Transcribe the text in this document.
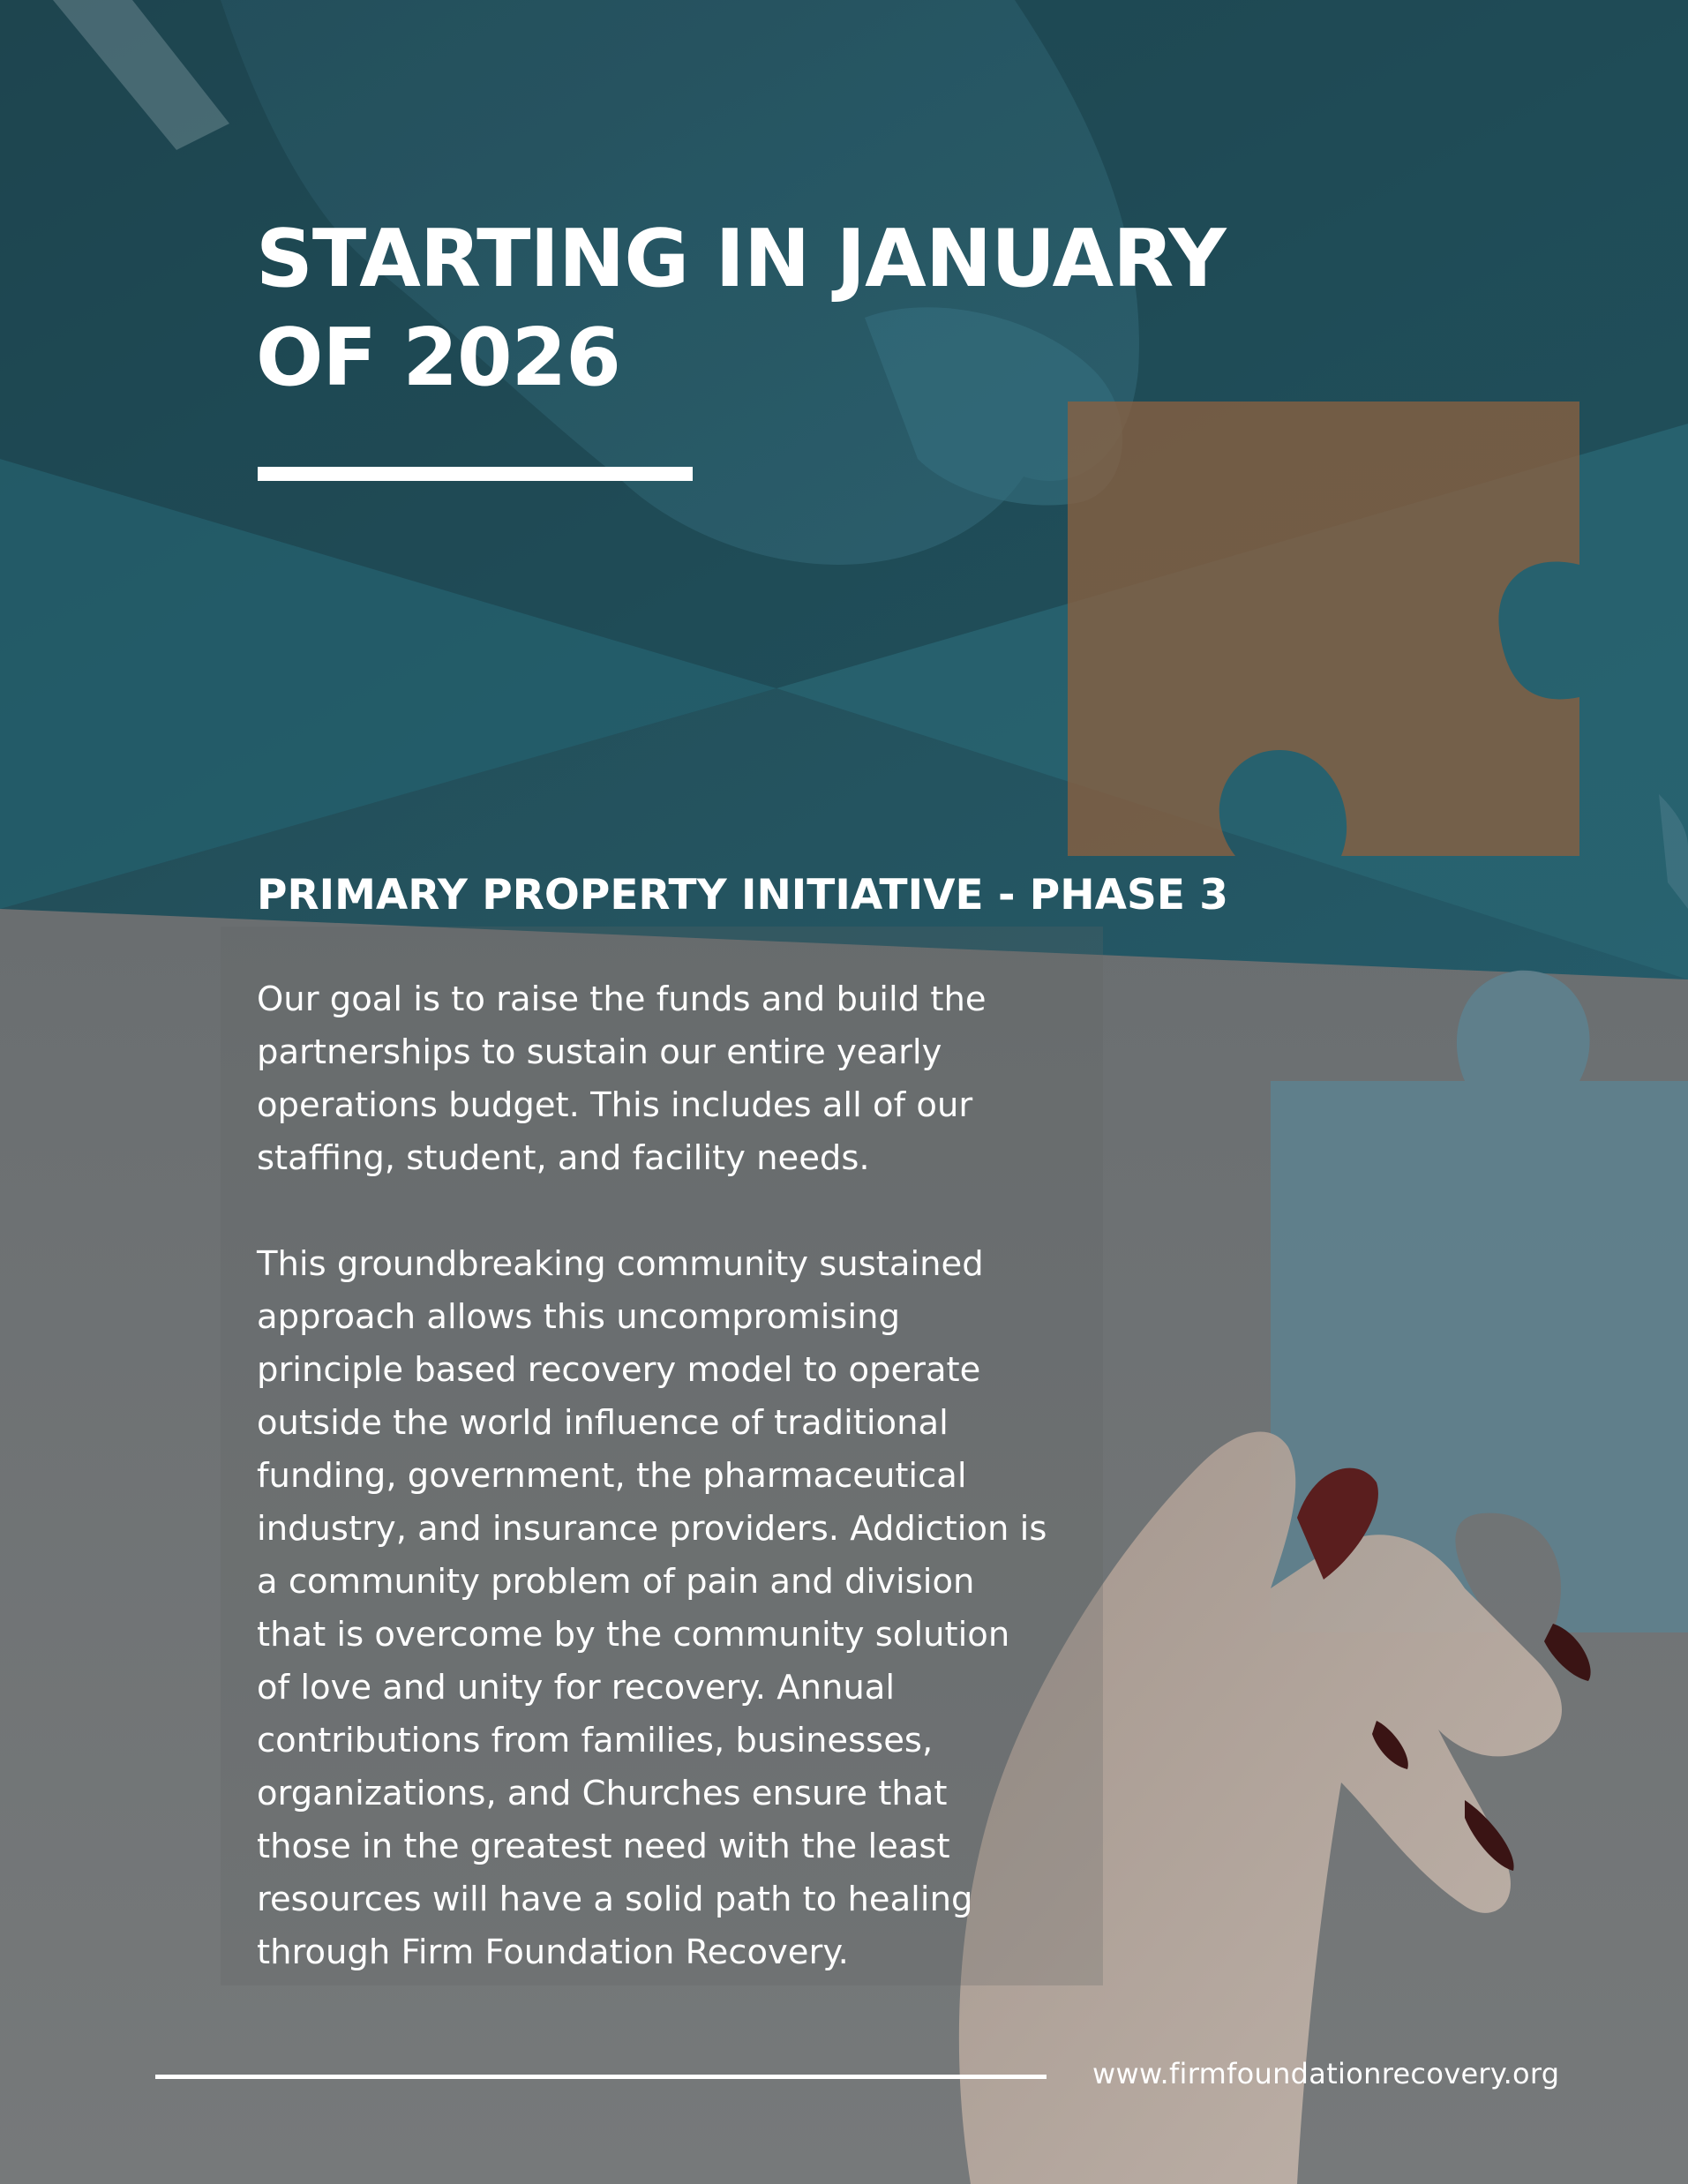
STARTING IN JANUARY
OF 2026
PRIMARY PROPERTY INITIATIVE - PHASE 3

Our goal is to raise the funds and build the partnerships to sustain our entire yearly operations budget. This includes all of our staffing, student, and facility needs.

This groundbreaking community sustained approach allows this uncompromising principle based recovery model to operate outside the world influence of traditional funding, government, the pharmaceutical industry, and insurance providers. Addiction is a community problem of pain and division that is overcome by the community solution of love and unity for recovery. Annual contributions from families, businesses, organizations, and Churches ensure that those in the greatest need with the least resources will have a solid path to healing through Firm Foundation Recovery.

www.firmfoundationrecovery.org
